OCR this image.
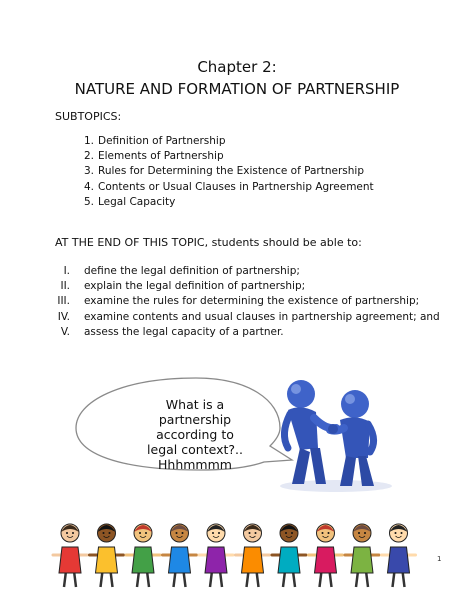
Chapter 2:
NATURE AND FORMATION OF PARTNERSHIP
SUBTOPICS:
1. Definition of Partnership
2. Elements of Partnership
3. Rules for Determining the Existence of Partnership
4. Contents or Usual Clauses in Partnership Agreement
5. Legal Capacity
AT THE END OF THIS TOPIC, students should be able to:
I. define the legal definition of partnership;
II. explain the legal definition of partnership;
III. examine the rules for determining the existence of partnership;
IV. examine contents and usual clauses in partnership agreement; and
V. assess the legal capacity of a partner.
What is a
partnership
according to
legal context?..
Hhhmmmm
1
